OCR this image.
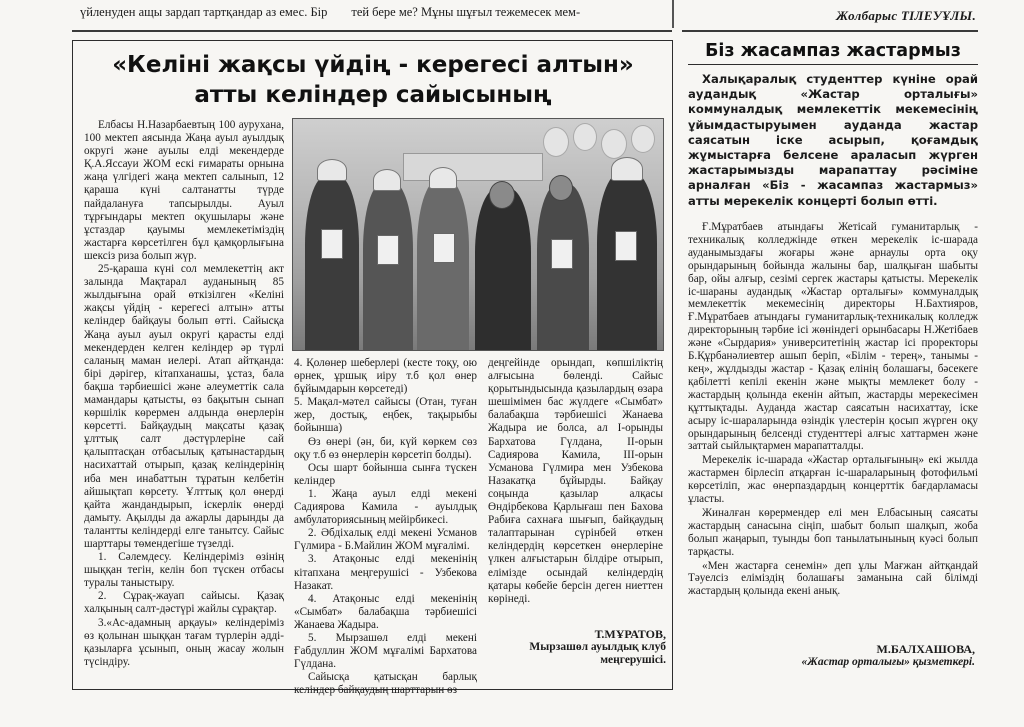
үйленуден ащы зардап тартқандар аз емес. Бір тей бере ме? Мұны шұғыл тежемесек мем-	Жолбарыс ТІЛЕУҰЛЫ.
«Келіні жақсы үйдің - керегесі алтын»
атты келіндер сайысының

Елбасы Н.Назарбаевтың 100 аурухана, 100 мектеп аясында Жаңа ауыл ауылдық округі және ауылы елді мекендерде Қ.А.Яссауи ЖОМ ескі ғимараты орнына жаңа үлгідегі жаңа мектеп салынып, 12 қараша күні салтанатты түрде пайдалануға тапсырылды. Ауыл тұрғындары мектеп оқушылары және ұстаздар қауымы мемлекетіміздің жастарға көрсетілген бұл қамқорлығына шексіз риза болып жүр.

25-қараша күні сол мемлекеттің акт залында Мақтарал ауданының 85 жылдығына орай өткізілген «Келіні жақсы үйдің - керегесі алтын» атты келіндер байқауы болып өтті. Сайысқа Жаңа ауыл ауыл округі қарасты елді мекендерден келген келіндер әр түрлі саланың маман иелері. Атап айтқанда: бірі дәрігер, кітапханашы, ұстаз, бала бақша тәрбиешісі және әлеуметтік сала мамандары қатысты, өз бақытын сынап көршілік көрермен алдында өнерлерін көрсетті. Байқаудың мақсаты қазақ ұлттық салт дәстүрлеріне сай қалыптасқан отбасылық қатынастардың насихаттай отырып, қазақ келіндерінің иба мен инабаттын тұратын келбетін айшықтап көрсету. Ұлттық қол өнерді қайта жандандырып, іскерлік өнерді дамыту. Ақылды да ажарлы дарынды да талантты келіндерді елге танытсу. Сайыс шарттары төмендегіше түзелді.

1. Сәлемдесу. Келіндеріміз өзінің шыққан тегін, келін боп түскен отбасы туралы таныстыру.

2. Сұрақ-жауап сайысы. Қазақ халқының салт-дәстүрі жайлы сұрақтар.

3.«Ас-адамның арқауы» келіндеріміз өз қолынан шыққан тағам түрлерін әдді-қазыларға ұсынып, оның жасау жолын түсіндіру.

4. Қолөнер шеберлері (кесте тоқу, ою өрнек, ұршық иіру т.б қол өнер бұйымдарын көрсетеді)

5. Мақал-мәтел сайысы (Отан, туған жер, достық, еңбек, тақырыбы бойынша)

Өз өнері (ән, би, күй көркем сөз оқу т.б өз өнерлерін көрсетіп болды).

Осы шарт бойынша сынға түскен келіндер

1. Жаңа ауыл елді мекені Садиярова Камила - ауылдық амбулаториясының мейірбикесі.

2. Әбдіхалық елді мекені Усманов Гүлмира - Б.Майлин ЖОМ мұғалімі.

3. Атақоныс елді мекенінің кітапхана меңгерушісі - Узбекова Назакат.

4. Атақоныс елді мекенінің «Сымбат» балабақша тәрбиешісі Жанаева Жадыра.

5. Мырзашөл елді мекені Ғабдуллин ЖОМ мұғалімі Бархатова Гүлдана.

Сайысқа қатысқан барлық келіндер байқаудың шарттарын өз

деңгейінде орындап, көпшіліктің алғысына бөленді. Сайыс қорытындысында қазылардың өзара шешімімен бас жүлдеге «Сымбат» балабақша тәрбиешісі Жанаева Жадыра ие болса, ал І-орынды Бархатова Гүлдана, ІІ-орын Садиярова Камила, ІІІ-орын Усманова Гүлмира мен Узбекова Назакатқа бұйырды. Байқау соңында қазылар алқасы Өндірбекова Қарлығаш пен Бахова Рабиға сахнаға шығып, байқаудың талаптарынан сүрінбей өткен келіндердің көрсеткен өнерлеріне үлкен алғыстарын білдіре отырып, еліміздe осындай келіндердің қатары көбейе берсін деген ниеттен көрінеді.

Т.МҰРАТОВ,
Мырзашөл ауылдық клуб меңгерушісі.
Біз жасампаз жастармыз

Халықаралық студенттер күніне орай аудандық «Жастар орталығы» коммуналдық мемлекеттік мекемесінің ұйымдастыруымен ауданда жастар саясатын іске асырып, қоғамдық жұмыстарға белсене араласып жүрген жастарымызды марапаттау рәсіміне арналған «Біз - жасампаз жастармыз» атты мерекелік концерті болып өтті.

Ғ.Мұратбаев атындағы Жетісай гуманитарлық - техникалық колледжінде өткен мерекелік іс-шарада ауданымыздағы жоғары және арнаулы орта оқу орындарының бойында жалыны бар, шалқыған шабыты бар, ойы алғыр, сезімі сергек жастары қатысты. Мерекелік іс-шараны аудандық «Жастар орталығы» коммуналдық мемлекеттік мекемесінің директоры Н.Бахтияров, Ғ.Мұратбаев атындағы гуманитарлық-техникалық колледж директорының тәрбие ісі жөніндегі орынбасары Н.Жетібаев және «Сырдария» университетінің жастар ісі проректоры Б.Құрбанәлиевтер ашып беріп, «Білім - терең», танымы - кең», жұлдызды жастар - Қазақ елінің болашағы, бәсекеге қабілетті кепілі екенін және мықты мемлекет болу - жастардың қолында екенін айтып, жастарды мерекесімен құттықтады. Ауданда жастар саясатын насихаттау, іске асыру іс-шараларында өзіндік үлестерін қосып жүрген оқу орындарының белсенді студенттері алғыс хаттармен және заттай сыйлықтармен марапатталды.

Мерекелік іс-шарада «Жастар орталығының» екі жылда жастармен бірлесіп атқарған іс-шараларының фотофильмі көрсетіліп, жас өнерпаздардың концерттік бағдарламасы ұласты.

Жиналған көрермендер елі мен Елбасының саясаты жастардың санасына сіңіп, шабыт болып шалқып, жоба болып жаңарып, туынды боп танылатынының куәсі болып тарқасты.

«Мен жастарға сенемін» деп ұлы Мағжан айтқандай Тәуелсіз еліміздің болашағы заманына сай білімді жастардың қолында екені анық.

М.БАЛХАШОВА,
«Жастар орталығы» қызметкері.
